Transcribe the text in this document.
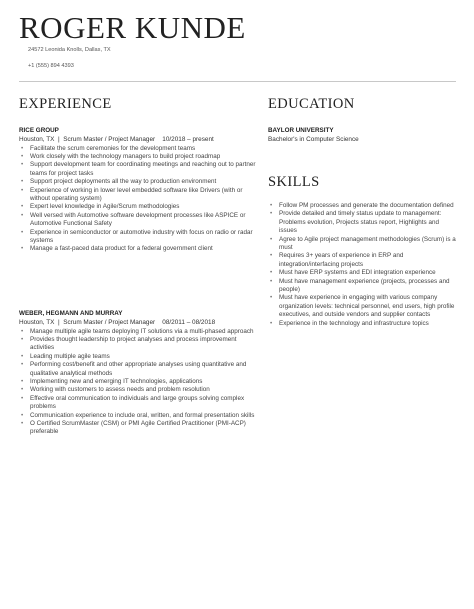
ROGER KUNDE
24572 Leonida Knolls, Dallas, TX
+1 (555) 894 4393
EXPERIENCE
RICE GROUP
Houston, TX  |  Scrum Master / Project Manager 10/2018 – present
• Facilitate the scrum ceremonies for the development teams
• Work closely with the technology managers to build project roadmap
• Support development team for coordinating meetings and reaching out to partner teams for project tasks
• Support project deployments all the way to production environment
• Experience of working in lower level embedded software like Drivers (with or without operating system)
• Expert level knowledge in Agile/Scrum methodologies
• Well versed with Automotive software development processes like ASPICE or Automotive Functional Safety
• Experience in semiconductor or automotive industry with focus on radio or radar systems
• Manage a fast-paced data product for a federal government client
WEBER, HEGMANN AND MURRAY
Houston, TX  |  Scrum Master / Project Manager 08/2011 – 08/2018
• Manage multiple agile teams deploying IT solutions via a multi-phased approach
• Provides thought leadership to project analyses and process improvement activities
• Leading multiple agile teams
• Performing cost/benefit and other appropriate analyses using quantitative and qualitative analytical methods
• Implementing new and emerging IT technologies, applications
• Working with customers to assess needs and problem resolution
• Effective oral communication to individuals and large groups solving complex problems
• Communication experience to include oral, written, and formal presentation skills
• O Certified ScrumMaster (CSM) or PMI Agile Certified Practitioner (PMI-ACP) preferable
EDUCATION
BAYLOR UNIVERSITY
Bachelor's in Computer Science
SKILLS
• Follow PM processes and generate the documentation defined
• Provide detailed and timely status update to management: Problems evolution, Projects status report, Highlights and issues
• Agree to Agile project management methodologies (Scrum) is a must
• Requires 3+ years of experience in ERP and integration/interfacing projects
• Must have ERP systems and EDI integration experience
• Must have management experience (projects, processes and people)
• Must have experience in engaging with various company organization levels: technical personnel, end users, high profile executives, and outside vendors and supplier contacts
• Experience in the technology and infrastructure topics
